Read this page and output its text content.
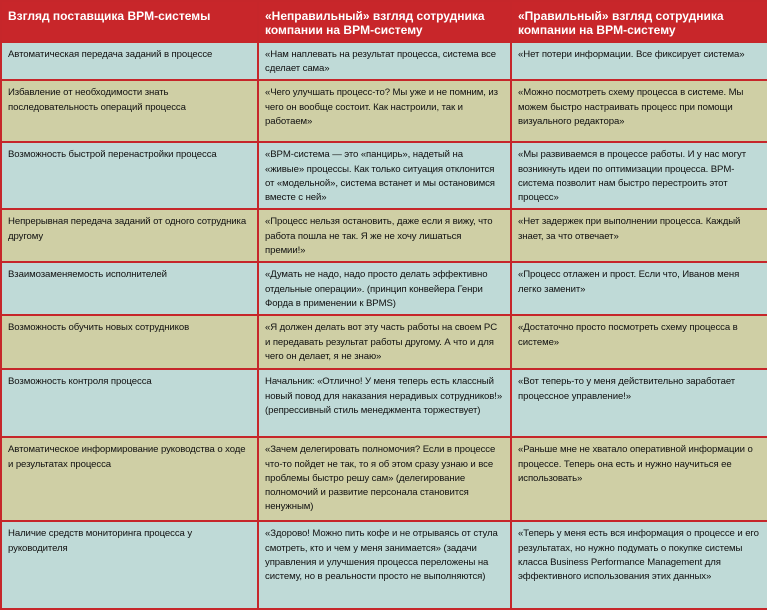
Взгляд поставщика BPM-системы	«Неправильный» взгляд сотрудника компании на BPM-систему	«Правильный» взгляд сотрудника компании на BPM-систему
Автоматическая передача заданий в процессе	«Нам наплевать на результат процесса, система все сделает сама»	«Нет потери информации. Все фиксирует система»
Избавление от необходимости знать последовательность операций процесса	«Чего улучшать процесс-то? Мы уже и не помним, из чего он вообще состоит. Как настроили, так и работаем»	«Можно посмотреть схему процесса в системе. Мы можем быстро настраивать процесс при помощи визуального редактора»
Возможность быстрой перенастройки процесса	«BPM-система — это «панцирь», надетый на «живые» процессы. Как только ситуация отклонится от «модельной», система встанет и мы остановимся вместе с ней»	«Мы развиваемся в процессе работы. И у нас могут возникнуть идеи по оптимизации процесса. BPM-система позволит нам быстро перестроить этот процесс»
Непрерывная передача заданий от одного сотрудника другому	«Процесс нельзя остановить, даже если я вижу, что работа пошла не так. Я же не хочу лишаться премии!»	«Нет задержек при выполнении процесса. Каждый знает, за что отвечает»
Взаимозаменяемость исполнителей	«Думать не надо, надо просто делать эффективно отдельные операции». (принцип конвейера Генри Форда в применении к BPMS)	«Процесс отлажен и прост. Если что, Иванов меня легко заменит»
Возможность обучить новых сотрудников	«Я должен делать вот эту часть работы на своем PC и передавать результат работы другому. А что и для чего он делает, я не знаю»	«Достаточно просто посмотреть схему процесса в системе»
Возможность контроля процесса	Начальник: «Отлично! У меня теперь есть классный новый повод для наказания нерадивых сотрудников!» (репрессивный стиль менеджмента торжествует)	«Вот теперь-то у меня действительно заработает процессное управление!»
Автоматическое информирование руководства о ходе и результатах процесса	«Зачем делегировать полномочия? Если в процессе что-то пойдет не так, то я об этом сразу узнаю и все проблемы быстро решу сам» (делегирование полномочий и развитие персонала становится ненужным)	«Раньше мне не хватало оперативной информации о процессе. Теперь она есть и нужно научиться ее использовать»
Наличие средств мониторинга процесса у руководителя	«Здорово! Можно пить кофе и не отрываясь от стула смотреть, кто и чем у меня занимается» (задачи управления и улучшения процесса переложены на систему, но в реальности просто не выполняются)	«Теперь у меня есть вся информация о процессе и его результатах, но нужно подумать о покупке системы класса Business Performance Management для эффективного использования этих данных»
